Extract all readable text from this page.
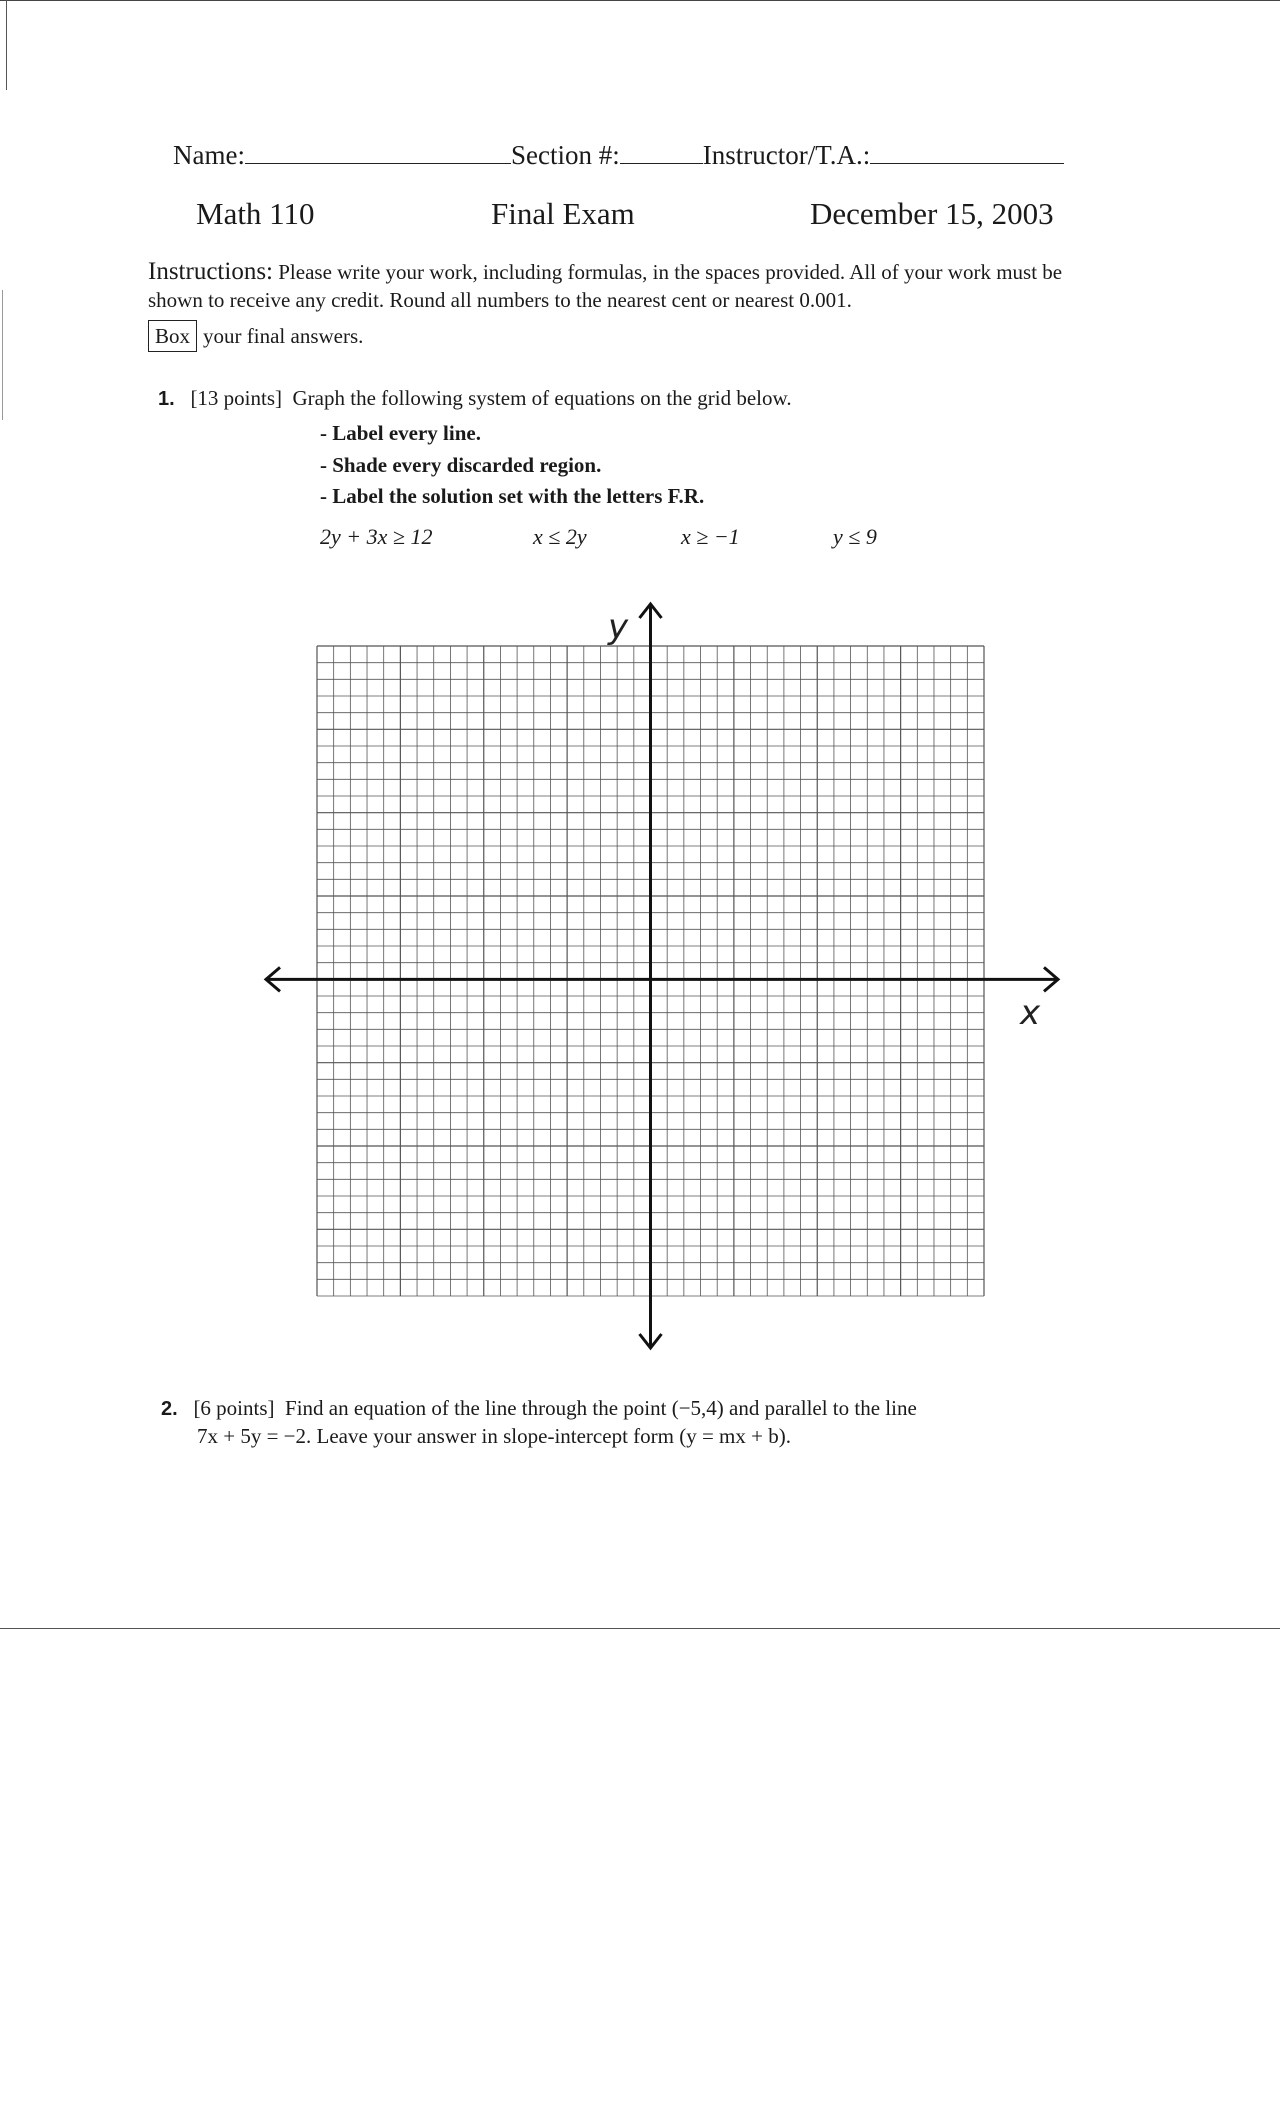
Name:	Section #:	Instructor/T.A.:
Math 110	Final Exam	December 15, 2003
Instructions: Please write your work, including formulas, in the spaces provided. All of your work must be shown to receive any credit. Round all numbers to the nearest cent or nearest 0.001.
Box your final answers.
1. [13 points] Graph the following system of equations on the grid below.
- Label every line.
- Shade every discarded region.
- Label the solution set with the letters F.R.
2y + 3x ≥ 12	x ≤ 2y	x ≥ −1	y ≤ 9
x
y
2. [6 points] Find an equation of the line through the point (−5,4) and parallel to the line
7x + 5y = −2. Leave your answer in slope-intercept form (y = mx + b).
